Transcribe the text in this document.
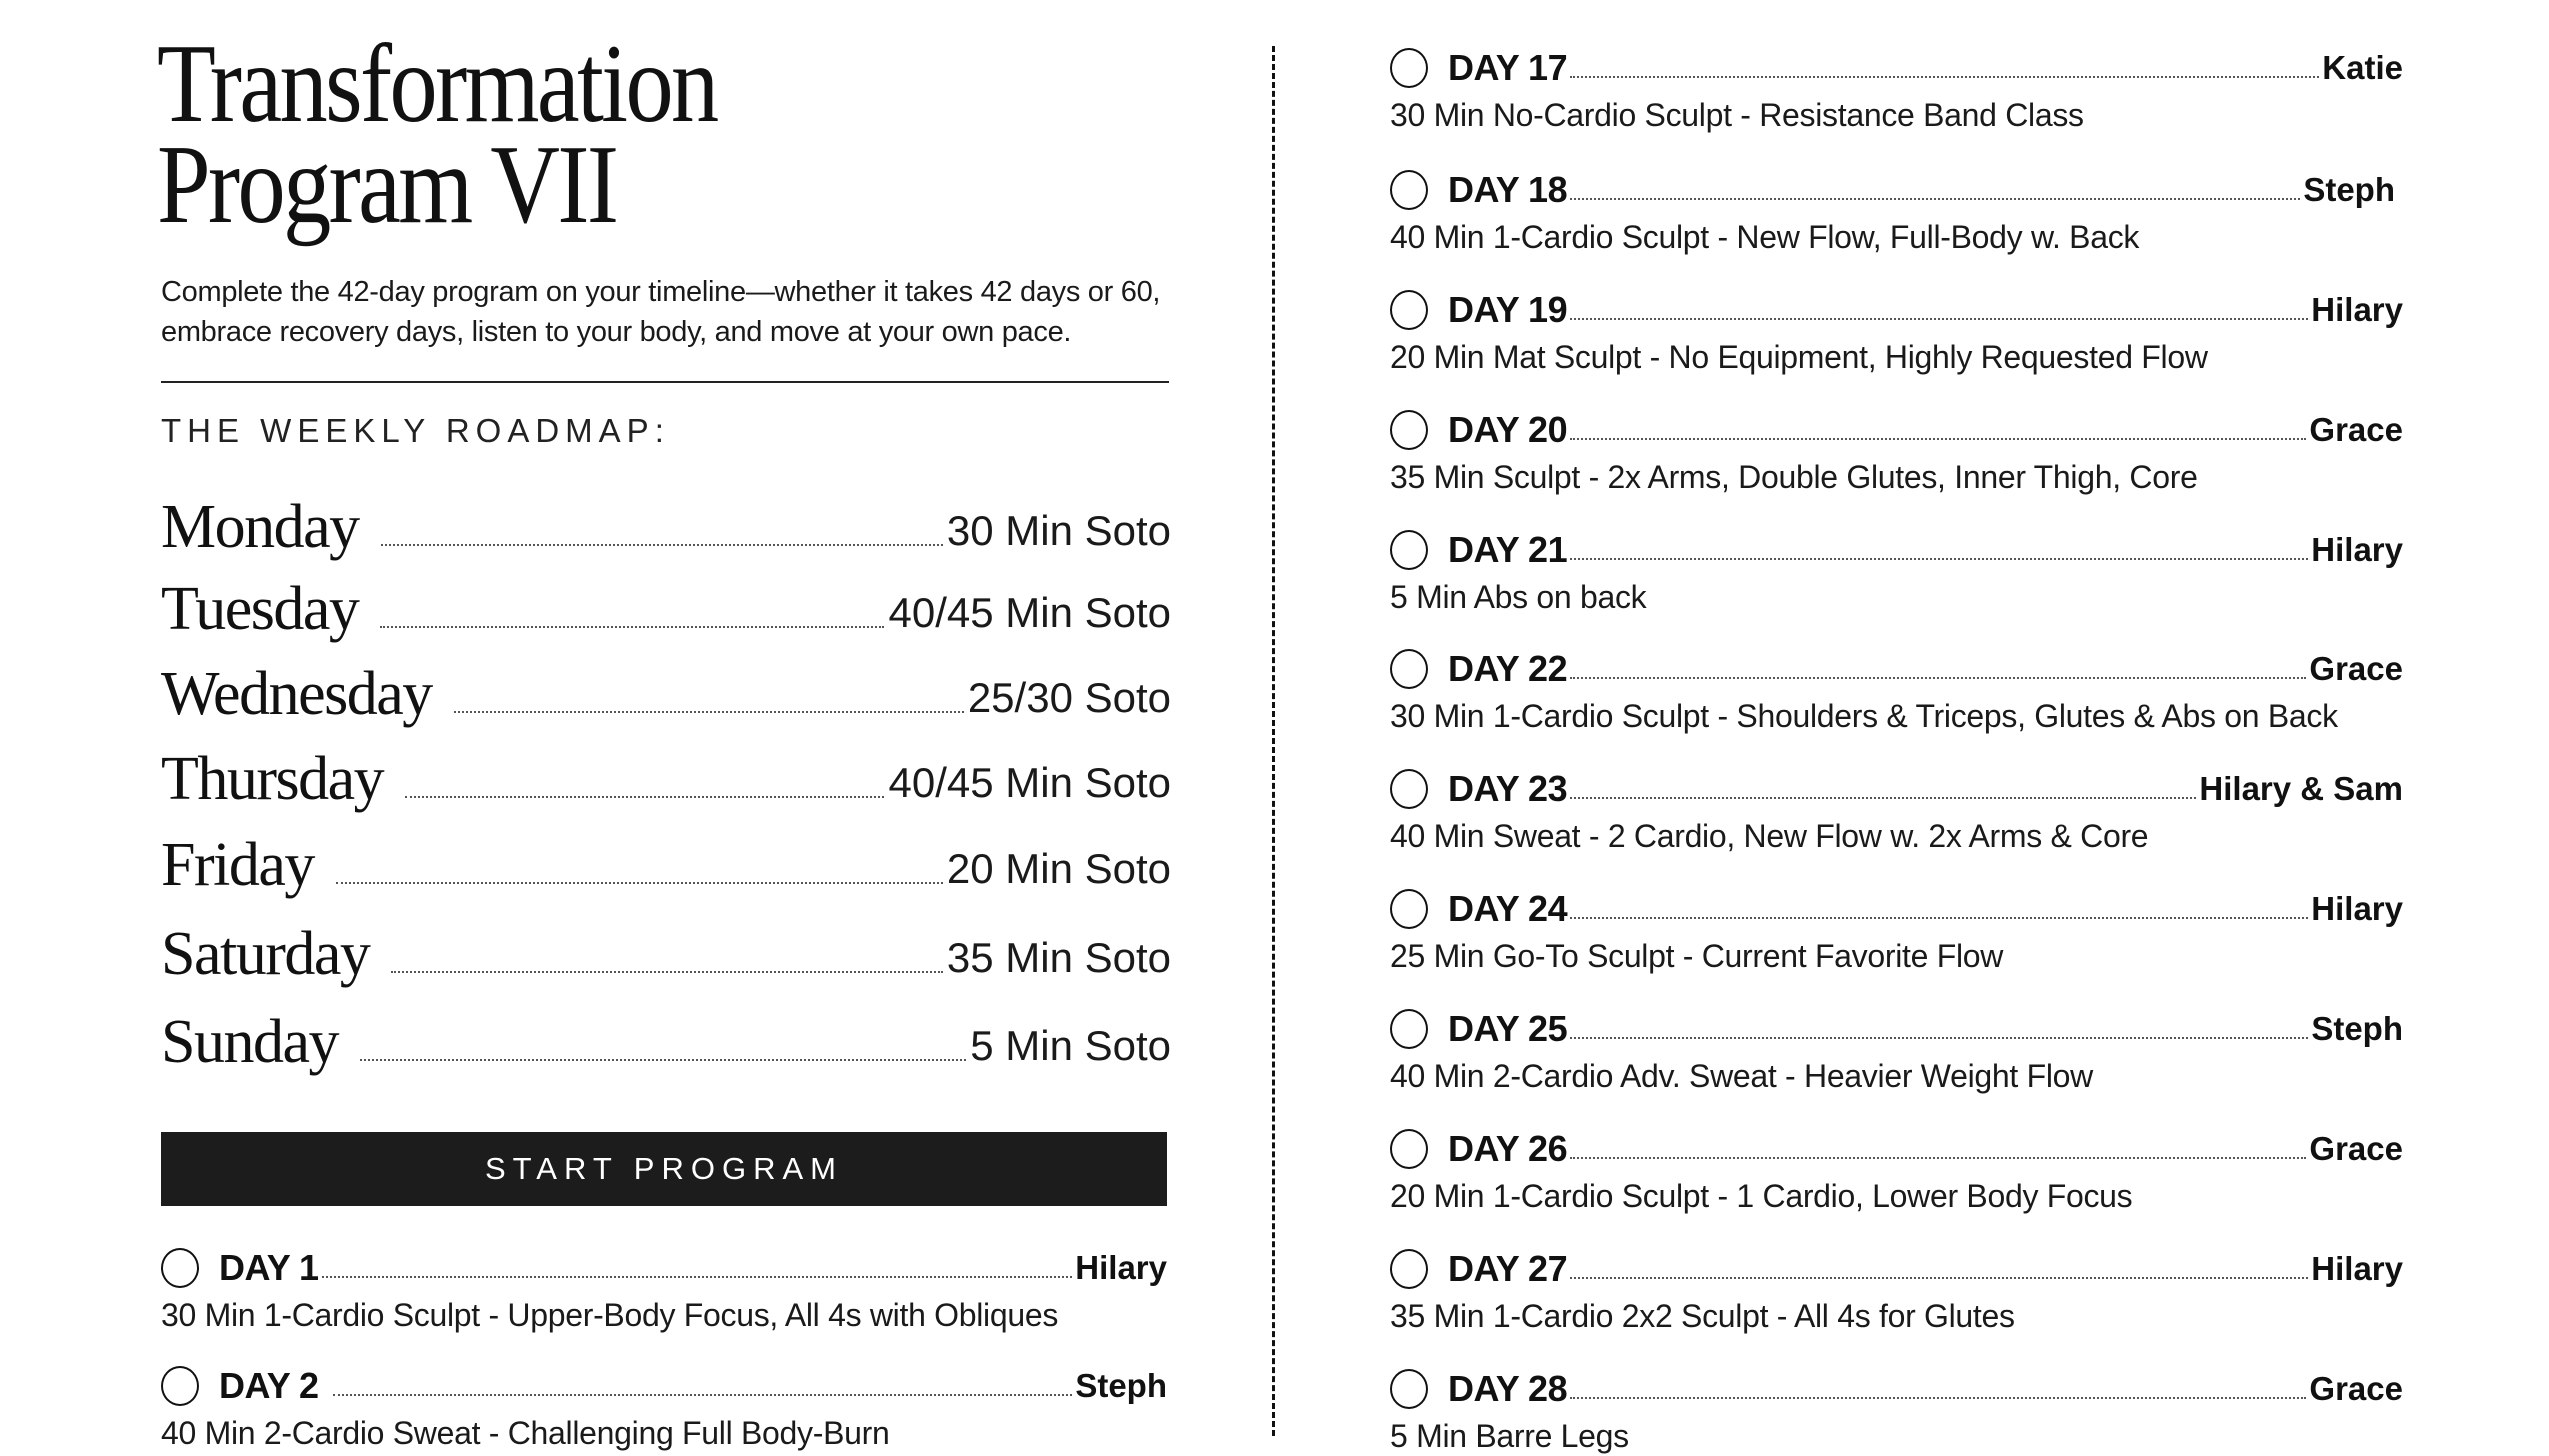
Transformation
Program VII

Complete the 42-day program on your timeline—whether it takes 42 days or 60, embrace recovery days, listen to your body, and move at your own pace.

THE WEEKLY ROADMAP:
Monday	30 Min Soto
Tuesday	40/45 Min Soto
Wednesday	25/30 Soto
Thursday	40/45 Min Soto
Friday	20 Min Soto
Saturday	35 Min Soto
Sunday	5 Min Soto
START PROGRAM
DAY 1	Hilary
30 Min 1-Cardio Sculpt - Upper-Body Focus, All 4s with Obliques
DAY 2	Steph
40 Min 2-Cardio Sweat - Challenging Full Body-Burn
DAY 17	Katie
30 Min No-Cardio Sculpt - Resistance Band Class
DAY 18	Steph
40 Min 1-Cardio Sculpt - New Flow, Full-Body w. Back
DAY 19	Hilary
20 Min Mat Sculpt - No Equipment, Highly Requested Flow
DAY 20	Grace
35 Min Sculpt - 2x Arms, Double Glutes, Inner Thigh, Core
DAY 21	Hilary
5 Min Abs on back
DAY 22	Grace
30 Min 1-Cardio Sculpt - Shoulders & Triceps, Glutes & Abs on Back
DAY 23	Hilary & Sam
40 Min Sweat - 2 Cardio, New Flow w. 2x Arms & Core
DAY 24	Hilary
25 Min Go-To Sculpt - Current Favorite Flow
DAY 25	Steph
40 Min 2-Cardio Adv. Sweat - Heavier Weight Flow
DAY 26	Grace
20 Min 1-Cardio Sculpt - 1 Cardio, Lower Body Focus
DAY 27	Hilary
35 Min 1-Cardio 2x2 Sculpt - All 4s for Glutes
DAY 28	Grace
5 Min Barre Legs
